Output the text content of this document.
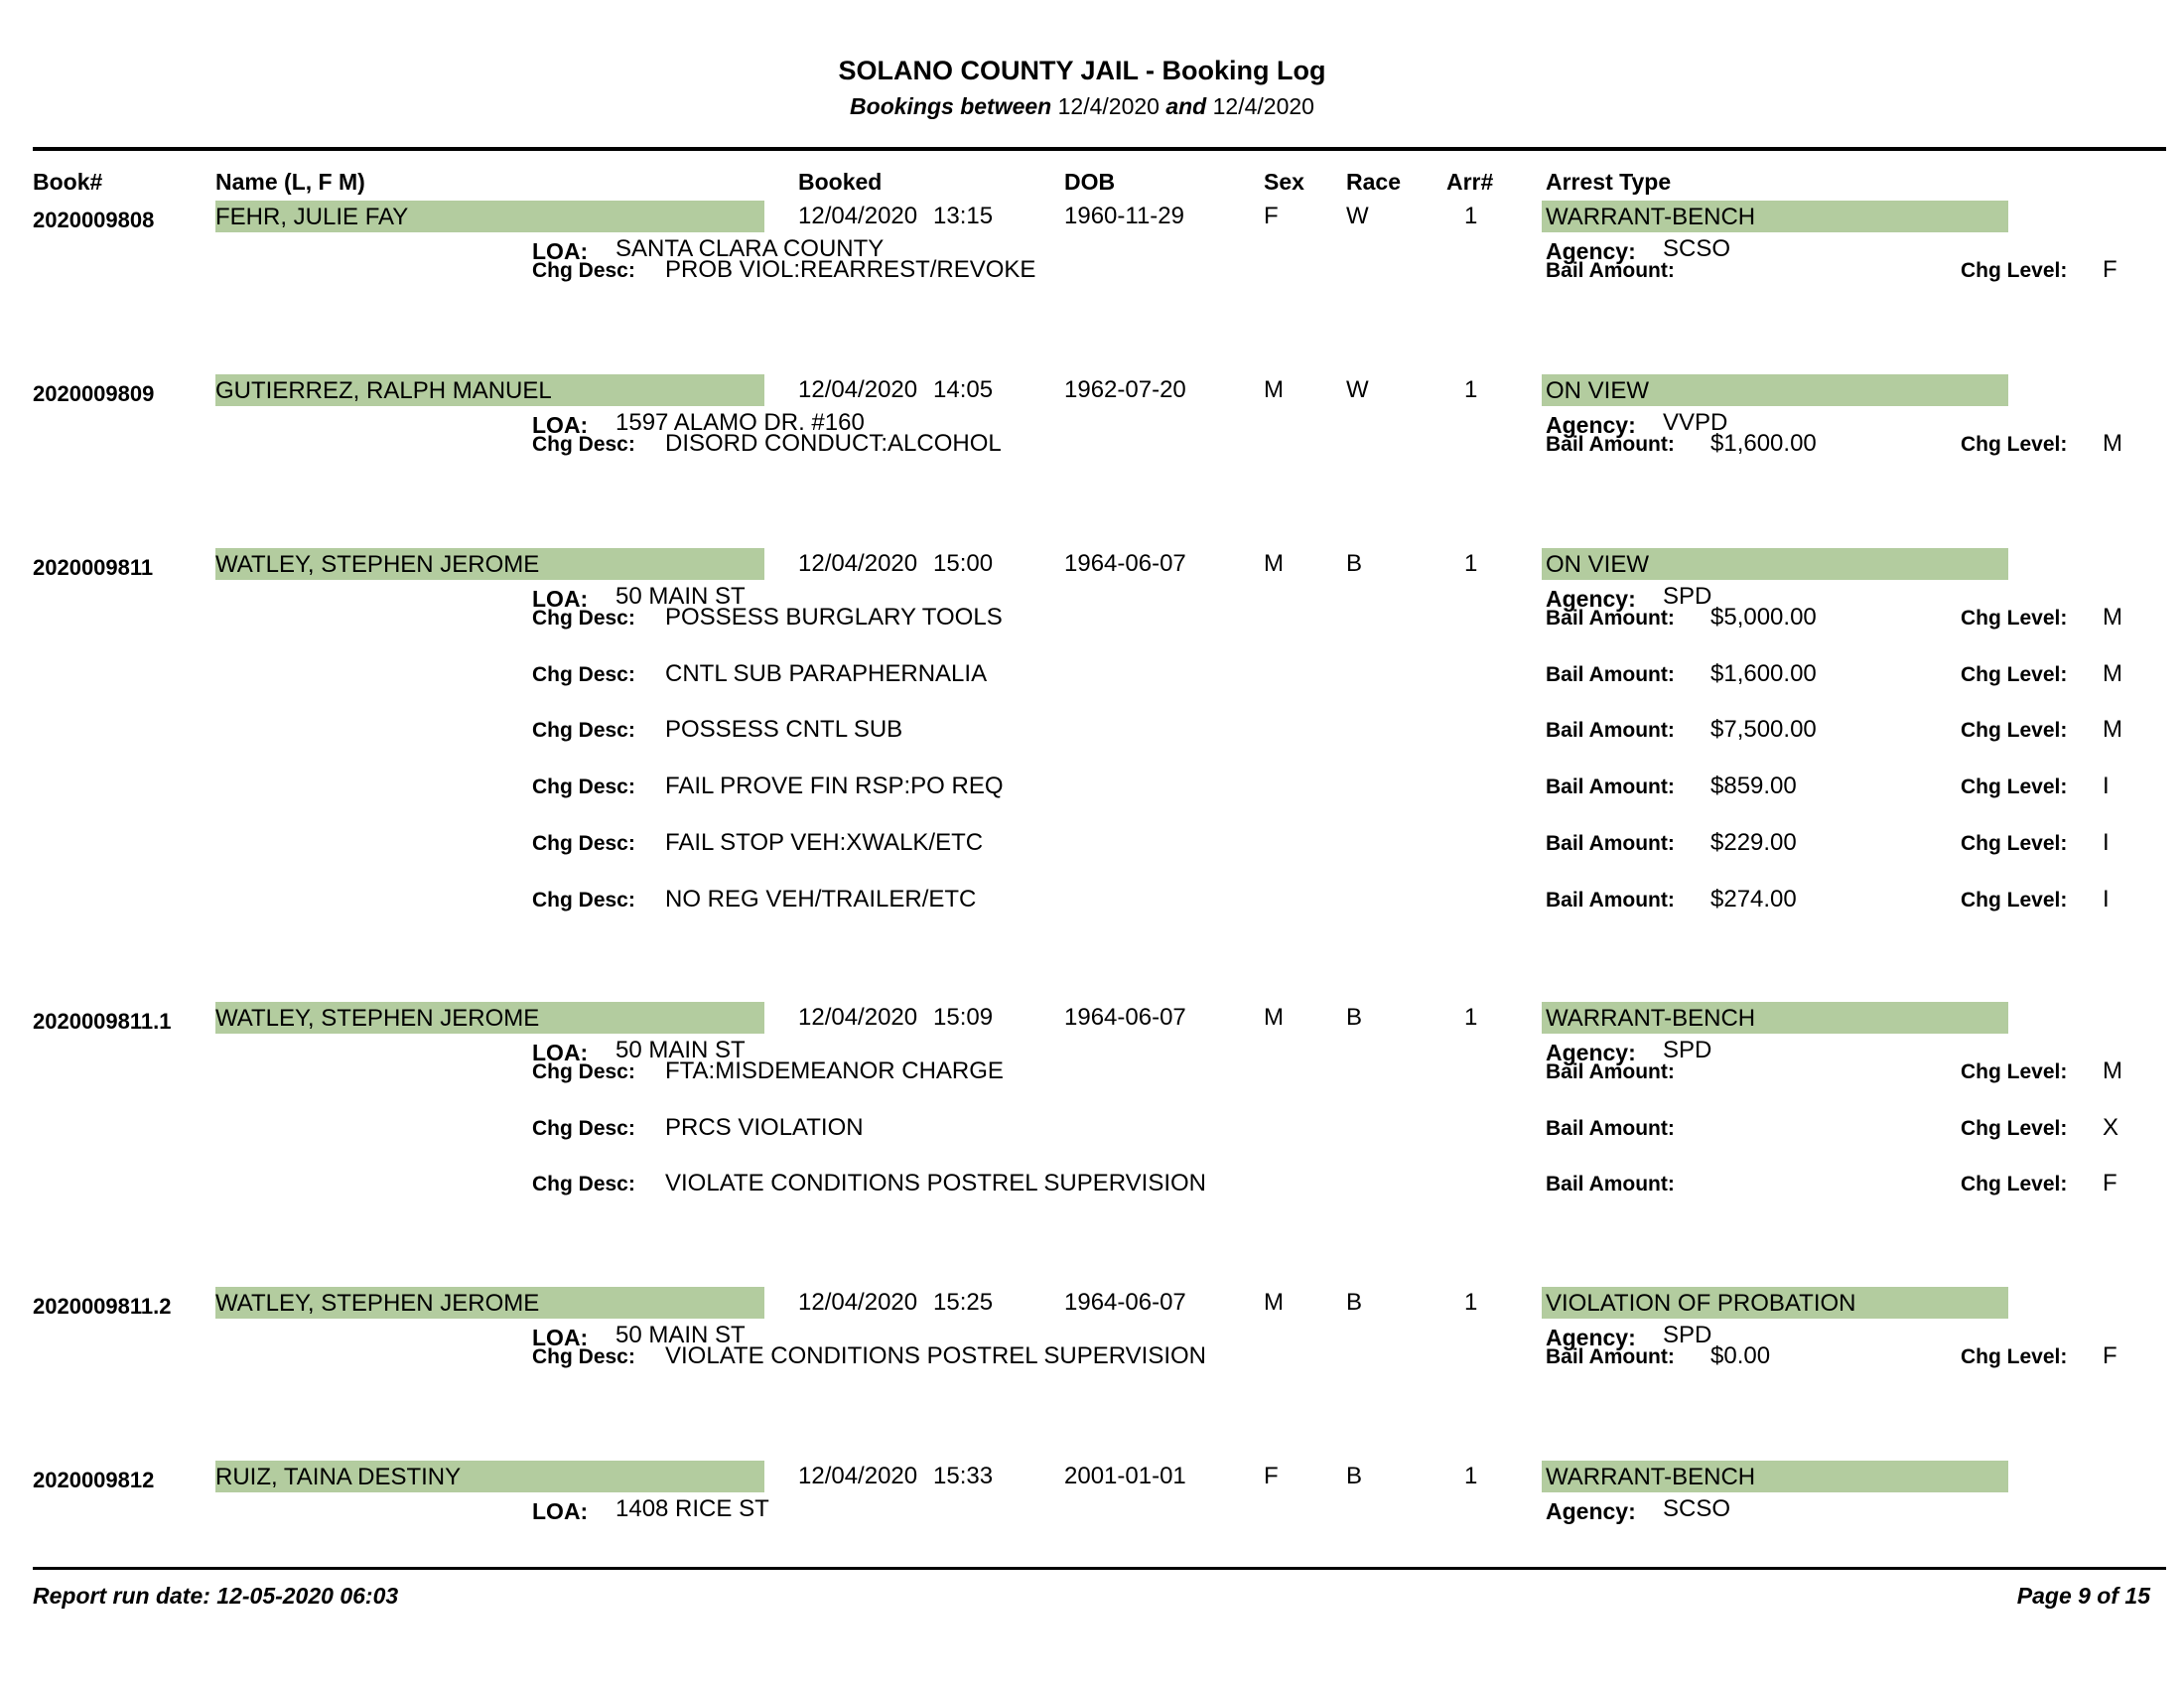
SOLANO COUNTY JAIL - Booking Log
Bookings between 12/4/2020 and 12/4/2020
Book#	Name (L, F M)	Booked	DOB	Sex Race Arr# Arrest Type
2020009808	FEHR, JULIE FAY	12/04/2020 13:15	1960-11-29	F	W	1	WARRANT-BENCH
LOA: SANTA CLARA COUNTY	Agency: SCSO
Chg Desc: PROB VIOL:REARREST/REVOKE	Bail Amount:	Chg Level: F
2020009809	GUTIERREZ, RALPH MANUEL	12/04/2020 14:05	1962-07-20	M	W	1	ON VIEW
LOA: 1597 ALAMO DR. #160	Agency: VVPD
Chg Desc: DISORD CONDUCT:ALCOHOL	Bail Amount: $1,600.00	Chg Level: M
2020009811	WATLEY, STEPHEN JEROME	12/04/2020 15:00	1964-06-07	M	B	1	ON VIEW
LOA: 50 MAIN ST	Agency: SPD
Chg Desc: POSSESS BURGLARY TOOLS	Bail Amount: $5,000.00	Chg Level: M
Chg Desc: CNTL SUB PARAPHERNALIA	Bail Amount: $1,600.00	Chg Level: M
Chg Desc: POSSESS CNTL SUB	Bail Amount: $7,500.00	Chg Level: M
Chg Desc: FAIL PROVE FIN RSP:PO REQ	Bail Amount: $859.00	Chg Level: I
Chg Desc: FAIL STOP VEH:XWALK/ETC	Bail Amount: $229.00	Chg Level: I
Chg Desc: NO REG VEH/TRAILER/ETC	Bail Amount: $274.00	Chg Level: I
2020009811.1 WATLEY, STEPHEN JEROME	12/04/2020 15:09	1964-06-07	M	B	1	WARRANT-BENCH
LOA: 50 MAIN ST	Agency: SPD
Chg Desc: FTA:MISDEMEANOR CHARGE	Bail Amount:	Chg Level: M
Chg Desc: PRCS VIOLATION	Bail Amount:	Chg Level: X
Chg Desc: VIOLATE CONDITIONS POSTREL SUPERVISION	Bail Amount:	Chg Level: F
2020009811.2 WATLEY, STEPHEN JEROME	12/04/2020 15:25	1964-06-07	M	B	1	VIOLATION OF PROBATION
LOA: 50 MAIN ST	Agency: SPD
Chg Desc: VIOLATE CONDITIONS POSTREL SUPERVISION	Bail Amount: $0.00	Chg Level: F
2020009812	RUIZ, TAINA DESTINY	12/04/2020 15:33	2001-01-01	F	B	1	WARRANT-BENCH
LOA: 1408 RICE ST	Agency: SCSO
Report run date: 12-05-2020 06:03	Page 9 of 15
